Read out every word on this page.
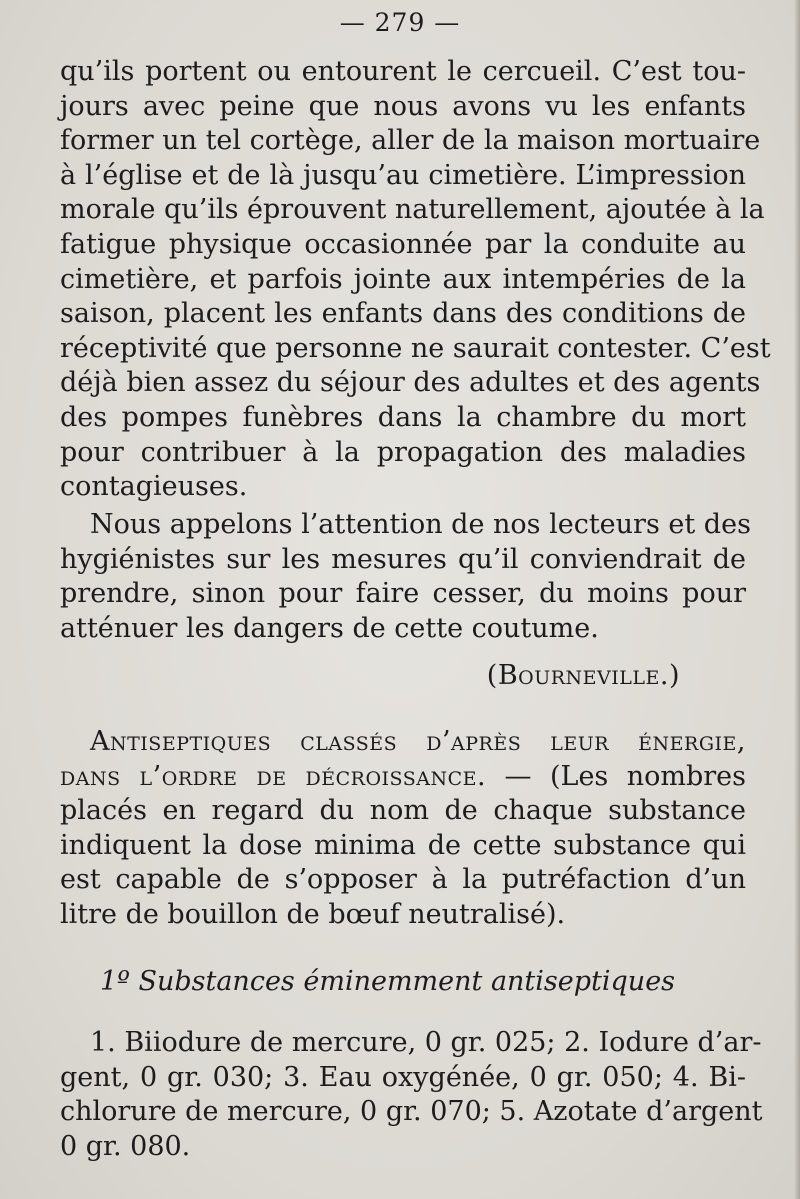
— 279 —
qu’ils portent ou entourent le cercueil. C’est tou-
jours avec peine que nous avons vu les enfants
former un tel cortège, aller de la maison mortuaire
à l’église et de là jusqu’au cimetière. L’impression
morale qu’ils éprouvent naturellement, ajoutée à la
fatigue physique occasionnée par la conduite au
cimetière, et parfois jointe aux intempéries de la
saison, placent les enfants dans des conditions de
réceptivité que personne ne saurait contester. C’est
déjà bien assez du séjour des adultes et des agents
des pompes funèbres dans la chambre du mort
pour contribuer à la propagation des maladies
contagieuses.
Nous appelons l’attention de nos lecteurs et des
hygiénistes sur les mesures qu’il conviendrait de
prendre, sinon pour faire cesser, du moins pour
atténuer les dangers de cette coutume.
(Bourneville.)
Antiseptiques classés d’après leur énergie,
dans l’ordre de décroissance. — (Les nombres
placés en regard du nom de chaque substance
indiquent la dose minima de cette substance qui
est capable de s’opposer à la putréfaction d’un
litre de bouillon de bœuf neutralisé).
1º Substances éminemment antiseptiques
1. Biiodure de mercure, 0 gr. 025; 2. Iodure d’ar-
gent, 0 gr. 030; 3. Eau oxygénée, 0 gr. 050; 4. Bi-
chlorure de mercure, 0 gr. 070; 5. Azotate d’argent
0 gr. 080.
